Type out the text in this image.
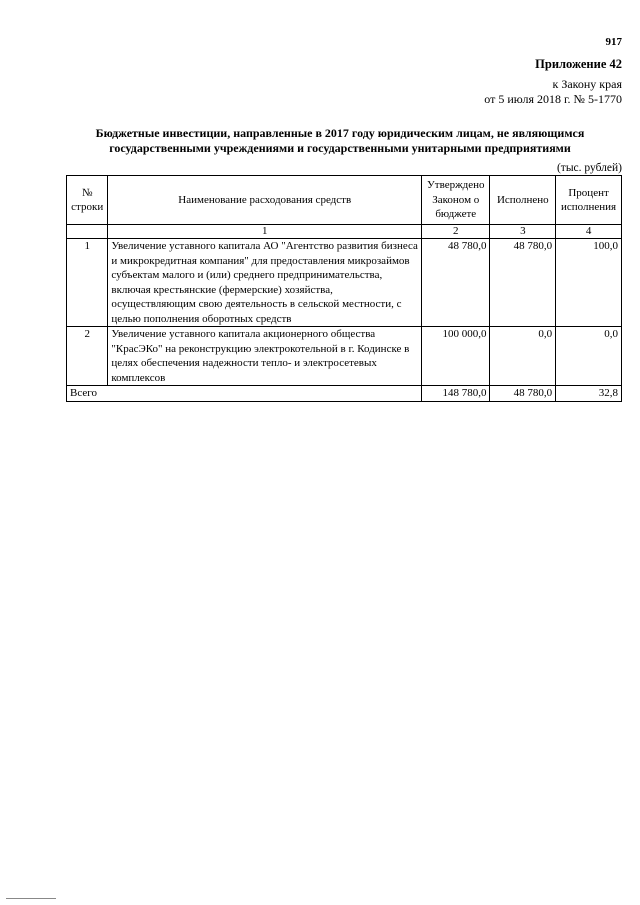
917
Приложение 42
к Закону края
от 5 июля 2018 г. № 5-1770
Бюджетные инвестиции, направленные в 2017 году юридическим лицам, не являющимся
государственными учреждениями и государственными унитарными предприятиями
(тыс. рублей)
№ строки	Наименование расходования средств	Утверждено Законом о бюджете	Исполнено	Процент исполнения
	1	2	3	4
1	Увеличение уставного капитала АО "Агентство развития бизнеса и микрокредитная компания" для предоставления микрозаймов субъектам малого и (или) среднего предпринимательства, включая крестьянские (фермерские) хозяйства, осуществляющим свою деятельность в сельской местности, с целью пополнения оборотных средств	48 780,0	48 780,0	100,0
2	Увеличение уставного капитала акционерного общества "КрасЭКо" на реконструкцию электрокотельной в г. Кодинске в целях обеспечения надежности тепло- и электросетевых комплексов	100 000,0	0,0	0,0
Всего		148 780,0	48 780,0	32,8
